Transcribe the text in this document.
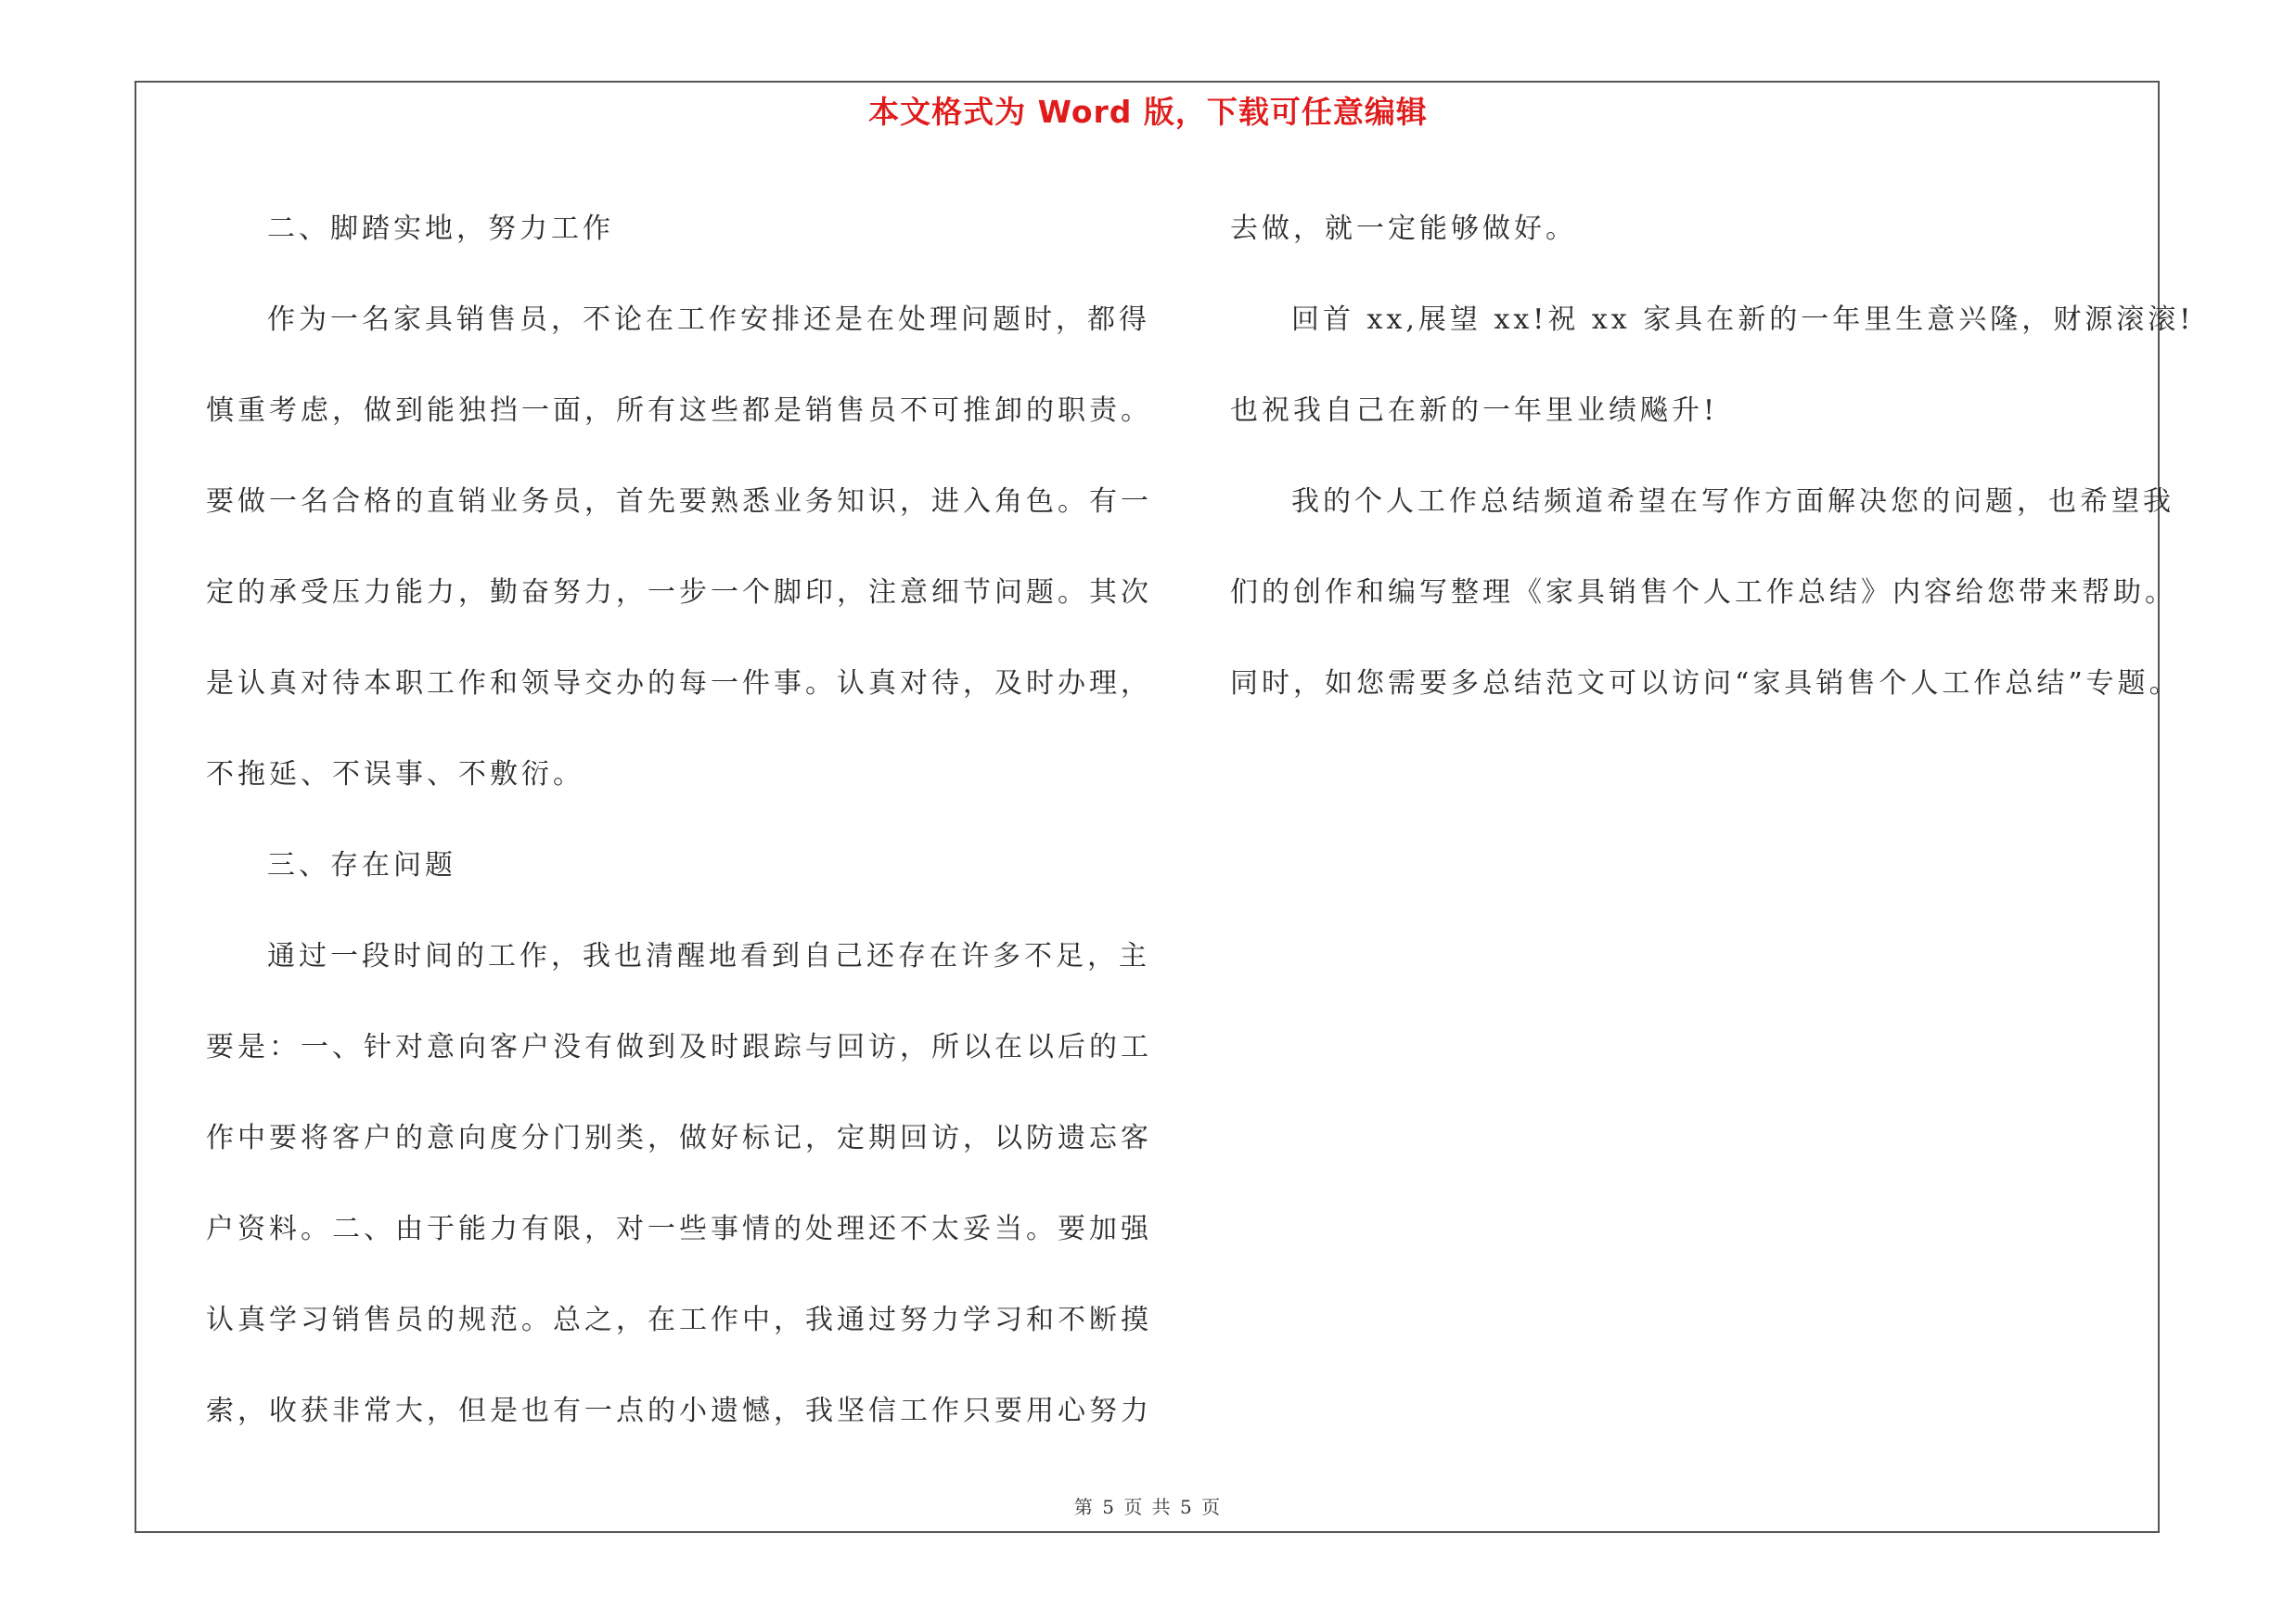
本文格式为 Word 版，下载可任意编辑

二、脚踏实地，努力工作

作为一名家具销售员，不论在工作安排还是在处理问题时，都得

慎重考虑，做到能独挡一面，所有这些都是销售员不可推卸的职责。

要做一名合格的直销业务员，首先要熟悉业务知识，进入角色。有一

定的承受压力能力，勤奋努力，一步一个脚印，注意细节问题。其次

是认真对待本职工作和领导交办的每一件事。认真对待，及时办理，

不拖延、不误事、不敷衍。

三、存在问题

通过一段时间的工作，我也清醒地看到自己还存在许多不足，主

要是：一、针对意向客户没有做到及时跟踪与回访，所以在以后的工

作中要将客户的意向度分门别类，做好标记，定期回访，以防遗忘客

户资料。二、由于能力有限，对一些事情的处理还不太妥当。要加强

认真学习销售员的规范。总之，在工作中，我通过努力学习和不断摸

索，收获非常大，但是也有一点的小遗憾，我坚信工作只要用心努力

去做，就一定能够做好。

回首 xx,展望 xx!祝 xx 家具在新的一年里生意兴隆，财源滚滚!

也祝我自己在新的一年里业绩飚升!

我的个人工作总结频道希望在写作方面解决您的问题，也希望我

们的创作和编写整理《家具销售个人工作总结》内容给您带来帮助。

同时，如您需要多总结范文可以访问“家具销售个人工作总结”专题。

第 5 页 共 5 页
